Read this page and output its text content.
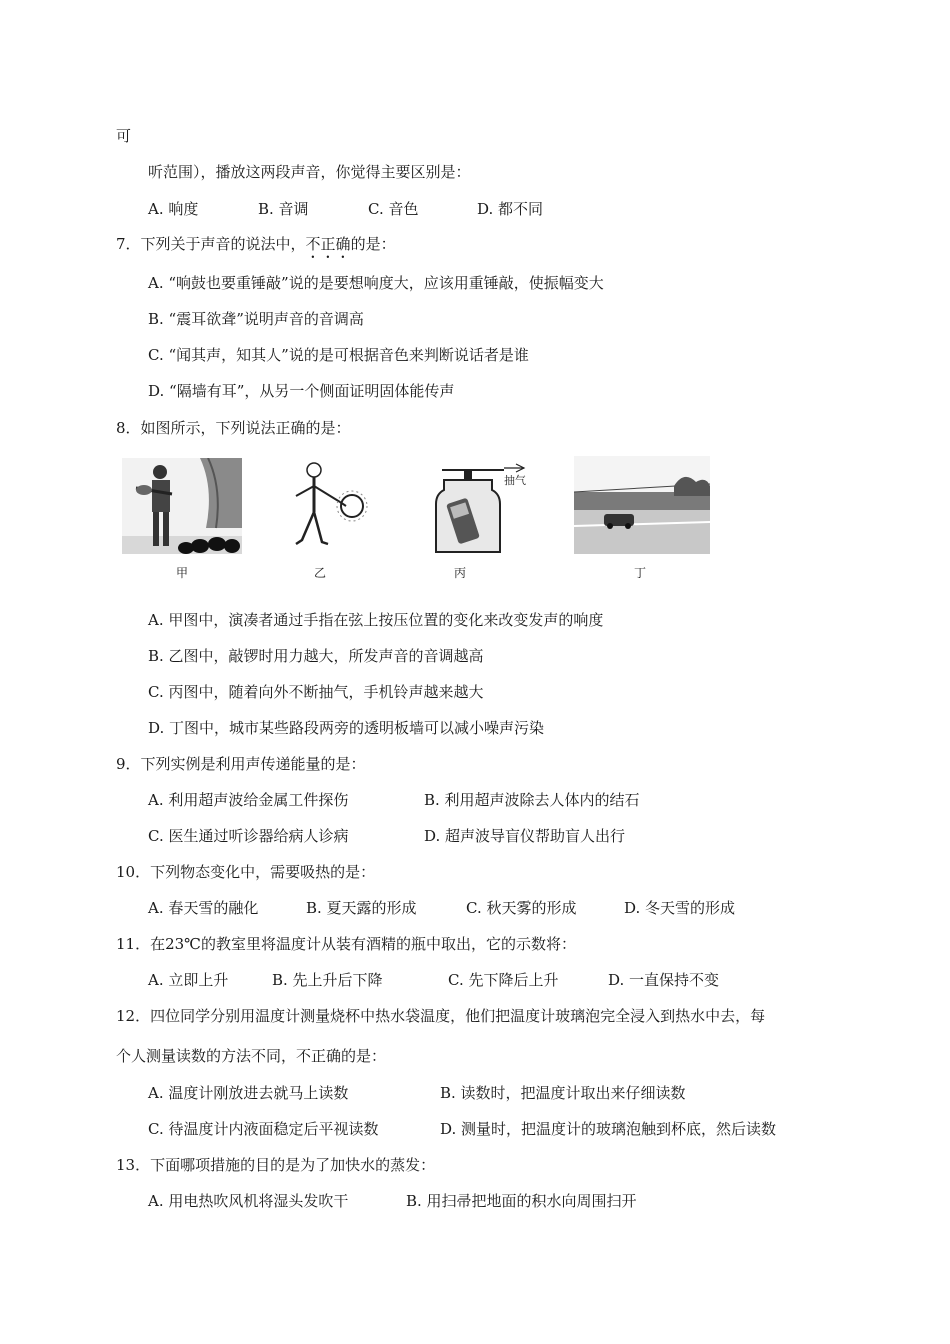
可
听范围），播放这两段声音，你觉得主要区别是：
A. 响度	B. 音调	C. 音色	D. 都不同
7．下列关于声音的说法中，不正确的是：
A. “响鼓也要重锤敲”说的是要想响度大，应该用重锤敲，使振幅变大
B. “震耳欲聋”说明声音的音调高
C. “闻其声，知其人”说的是可根据音色来判断说话者是谁
D. “隔墙有耳”，从另一个侧面证明固体能传声
8．如图所示，下列说法正确的是：
甲	乙
抽气
丙	丁
A. 甲图中，演凑者通过手指在弦上按压位置的变化来改变发声的响度
B. 乙图中，敲锣时用力越大，所发声音的音调越高
C. 丙图中，随着向外不断抽气，手机铃声越来越大
D. 丁图中，城市某些路段两旁的透明板墙可以减小噪声污染
9．下列实例是利用声传递能量的是：
A. 利用超声波给金属工件探伤	B. 利用超声波除去人体内的结石
C. 医生通过听诊器给病人诊病	D. 超声波导盲仪帮助盲人出行
10．下列物态变化中，需要吸热的是：
A. 春天雪的融化	B. 夏天露的形成	C. 秋天雾的形成	D. 冬天雪的形成
11．在23℃的教室里将温度计从装有酒精的瓶中取出，它的示数将：
A. 立即上升	B. 先上升后下降	C. 先下降后上升	D. 一直保持不变
12．四位同学分别用温度计测量烧杯中热水袋温度，他们把温度计玻璃泡完全浸入到热水中去，每
个人测量读数的方法不同，不正确的是：
A. 温度计刚放进去就马上读数	B. 读数时，把温度计取出来仔细读数
C. 待温度计内液面稳定后平视读数	D. 测量时，把温度计的玻璃泡触到杯底，然后读数
13．下面哪项措施的目的是为了加快水的蒸发：
A. 用电热吹风机将湿头发吹干	B. 用扫帚把地面的积水向周围扫开
